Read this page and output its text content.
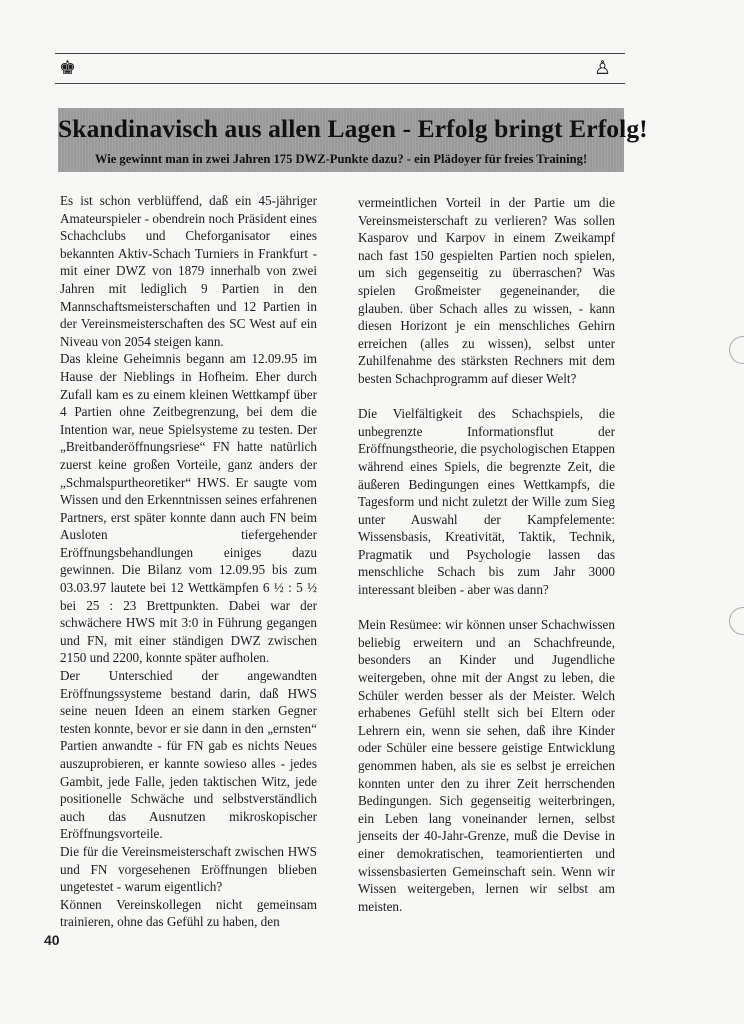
♚	♙
Skandinavisch aus allen Lagen - Erfolg bringt Erfolg!
Wie gewinnt man in zwei Jahren 175 DWZ-Punkte dazu? - ein Plädoyer für freies Training!

Es ist schon verblüffend, daß ein 45-jähriger Amateurspieler - obendrein noch Präsident eines Schachclubs und Cheforganisator eines bekannten Aktiv-Schach Turniers in Frankfurt - mit einer DWZ von 1879 innerhalb von zwei Jahren mit lediglich 9 Partien in den Mannschaftsmeisterschaften und 12 Partien in der Vereinsmeisterschaften des SC West auf ein Niveau von 2054 steigen kann.

Das kleine Geheimnis begann am 12.09.95 im Hause der Nieblings in Hofheim. Eher durch Zufall kam es zu einem kleinen Wettkampf über 4 Partien ohne Zeitbegrenzung, bei dem die Intention war, neue Spielsysteme zu testen. Der „Breitbanderöffnungsriese“ FN hatte natürlich zuerst keine großen Vorteile, ganz anders der „Schmalspurtheoretiker“ HWS. Er saugte vom Wissen und den Erkenntnissen seines erfahrenen Partners, erst später konnte dann auch FN beim Ausloten tiefergehender Eröffnungsbehandlungen einiges dazu gewinnen. Die Bilanz vom 12.09.95 bis zum 03.03.97 lautete bei 12 Wettkämpfen 6 ½ : 5 ½ bei 25 : 23 Brettpunkten. Dabei war der schwächere HWS mit 3:0 in Führung gegangen und FN, mit einer ständigen DWZ zwischen 2150 und 2200, konnte später aufholen.

Der Unterschied der angewandten Eröffnungssysteme bestand darin, daß HWS seine neuen Ideen an einem starken Gegner testen konnte, bevor er sie dann in den „ernsten“ Partien anwandte - für FN gab es nichts Neues auszuprobieren, er kannte sowieso alles - jedes Gambit, jede Falle, jeden taktischen Witz, jede positionelle Schwäche und selbstverständlich auch das Ausnutzen mikroskopischer Eröffnungsvorteile.

Die für die Vereinsmeisterschaft zwischen HWS und FN vorgesehenen Eröffnungen blieben ungetestet - warum eigentlich?

Können Vereinskollegen nicht gemeinsam trainieren, ohne das Gefühl zu haben, den

vermeintlichen Vorteil in der Partie um die Vereinsmeisterschaft zu verlieren? Was sollen Kasparov und Karpov in einem Zweikampf nach fast 150 gespielten Partien noch spielen, um sich gegenseitig zu überraschen? Was spielen Großmeister gegeneinander, die glauben. über Schach alles zu wissen, - kann diesen Horizont je ein menschliches Gehirn erreichen (alles zu wissen), selbst unter Zuhilfenahme des stärksten Rechners mit dem besten Schachprogramm auf dieser Welt?

Die Vielfältigkeit des Schachspiels, die unbegrenzte Informationsflut der Eröffnungstheorie, die psychologischen Etappen während eines Spiels, die begrenzte Zeit, die äußeren Bedingungen eines Wettkampfs, die Tagesform und nicht zuletzt der Wille zum Sieg unter Auswahl der Kampfelemente: Wissensbasis, Kreativität, Taktik, Technik, Pragmatik und Psychologie lassen das menschliche Schach bis zum Jahr 3000 interessant bleiben - aber was dann?

Mein Resümee: wir können unser Schachwissen beliebig erweitern und an Schachfreunde, besonders an Kinder und Jugendliche weitergeben, ohne mit der Angst zu leben, die Schüler werden besser als der Meister. Welch erhabenes Gefühl stellt sich bei Eltern oder Lehrern ein, wenn sie sehen, daß ihre Kinder oder Schüler eine bessere geistige Entwicklung genommen haben, als sie es selbst je erreichen konnten unter den zu ihrer Zeit herrschenden Bedingungen. Sich gegenseitig weiterbringen, ein Leben lang voneinander lernen, selbst jenseits der 40-Jahr-Grenze, muß die Devise in einer demokratischen, teamorientierten und wissensbasierten Gemeinschaft sein. Wenn wir Wissen weitergeben, lernen wir selbst am meisten.

40
